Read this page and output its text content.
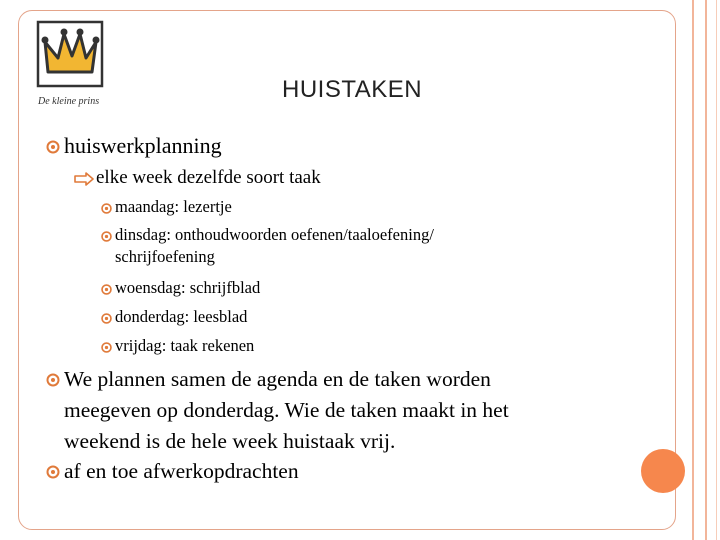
De kleine prins	HUISTAKEN
huiswerkplanning
elke week dezelfde soort taak
maandag: lezertje
dinsdag: onthoudwoorden oefenen/taaloefening/
schrijfoefening
woensdag: schrijfblad
donderdag: leesblad
vrijdag: taak rekenen
We plannen samen de agenda en de taken worden
meegeven op donderdag. Wie de taken maakt in het
weekend is de hele week huistaak vrij.
af en toe afwerkopdrachten
